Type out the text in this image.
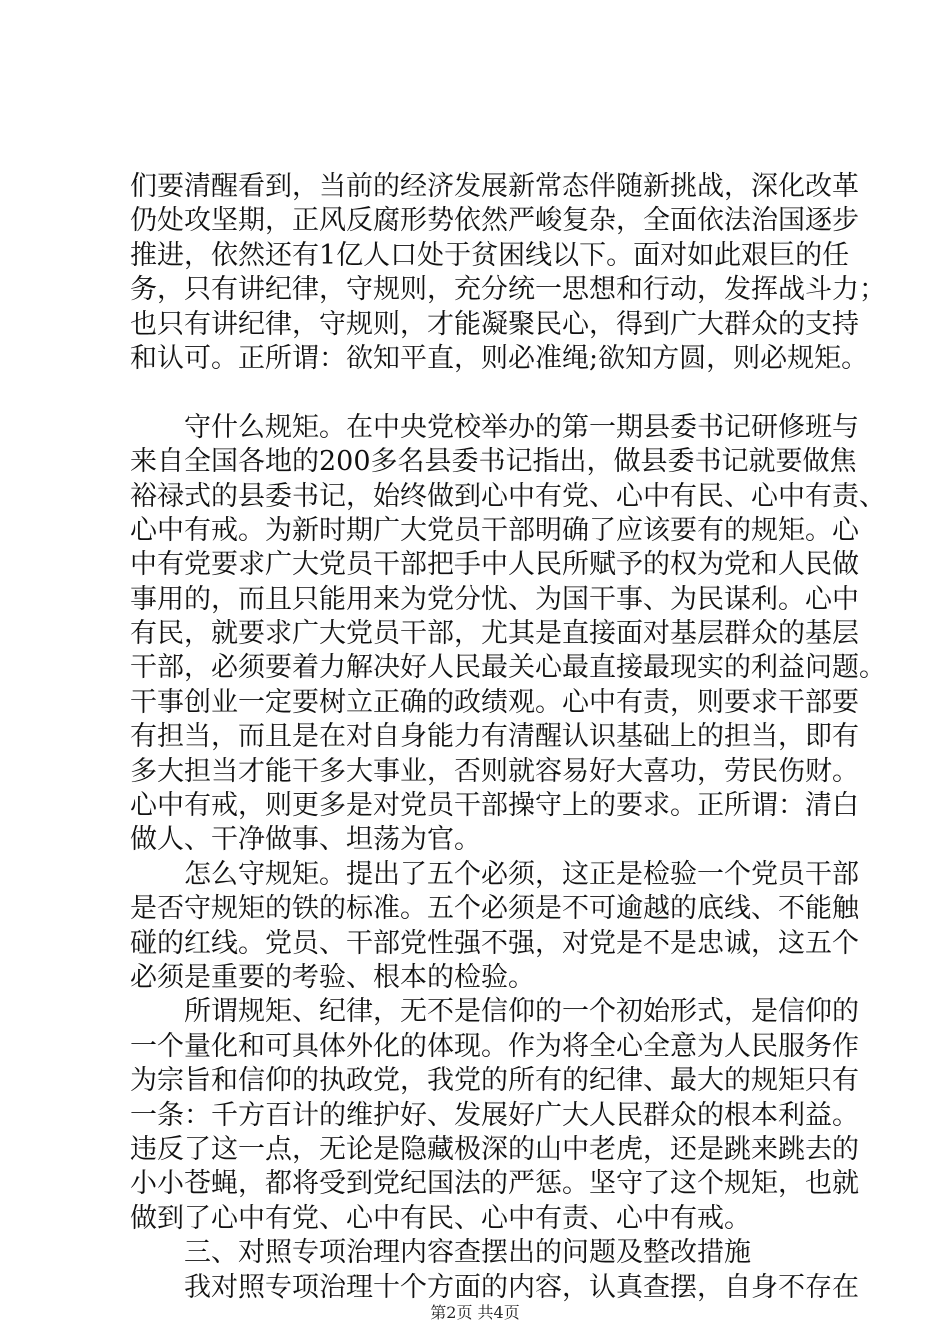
们要清醒看到，当前的经济发展新常态伴随新挑战，深化改革
仍处攻坚期，正风反腐形势依然严峻复杂，全面依法治国逐步
推进，依然还有1亿人口处于贫困线以下。面对如此艰巨的任
务，只有讲纪律，守规则，充分统一思想和行动，发挥战斗力；
也只有讲纪律，守规则，才能凝聚民心，得到广大群众的支持
和认可。正所谓：欲知平直，则必准绳;欲知方圆，则必规矩。
守什么规矩。在中央党校举办的第一期县委书记研修班与
来自全国各地的200多名县委书记指出，做县委书记就要做焦
裕禄式的县委书记，始终做到心中有党、心中有民、心中有责、
心中有戒。为新时期广大党员干部明确了应该要有的规矩。心
中有党要求广大党员干部把手中人民所赋予的权为党和人民做
事用的，而且只能用来为党分忧、为国干事、为民谋利。心中
有民，就要求广大党员干部，尤其是直接面对基层群众的基层
干部，必须要着力解决好人民最关心最直接最现实的利益问题。
干事创业一定要树立正确的政绩观。心中有责，则要求干部要
有担当，而且是在对自身能力有清醒认识基础上的担当，即有
多大担当才能干多大事业，否则就容易好大喜功，劳民伤财。
心中有戒，则更多是对党员干部操守上的要求。正所谓：清白
做人、干净做事、坦荡为官。
怎么守规矩。提出了五个必须，这正是检验一个党员干部
是否守规矩的铁的标准。五个必须是不可逾越的底线、不能触
碰的红线。党员、干部党性强不强，对党是不是忠诚，这五个
必须是重要的考验、根本的检验。
所谓规矩、纪律，无不是信仰的一个初始形式，是信仰的
一个量化和可具体外化的体现。作为将全心全意为人民服务作
为宗旨和信仰的执政党，我党的所有的纪律、最大的规矩只有
一条：千方百计的维护好、发展好广大人民群众的根本利益。
违反了这一点，无论是隐藏极深的山中老虎，还是跳来跳去的
小小苍蝇，都将受到党纪国法的严惩。坚守了这个规矩，也就
做到了心中有党、心中有民、心中有责、心中有戒。
三、对照专项治理内容查摆出的问题及整改措施
我对照专项治理十个方面的内容，认真查摆，自身不存在
第2页 共4页
